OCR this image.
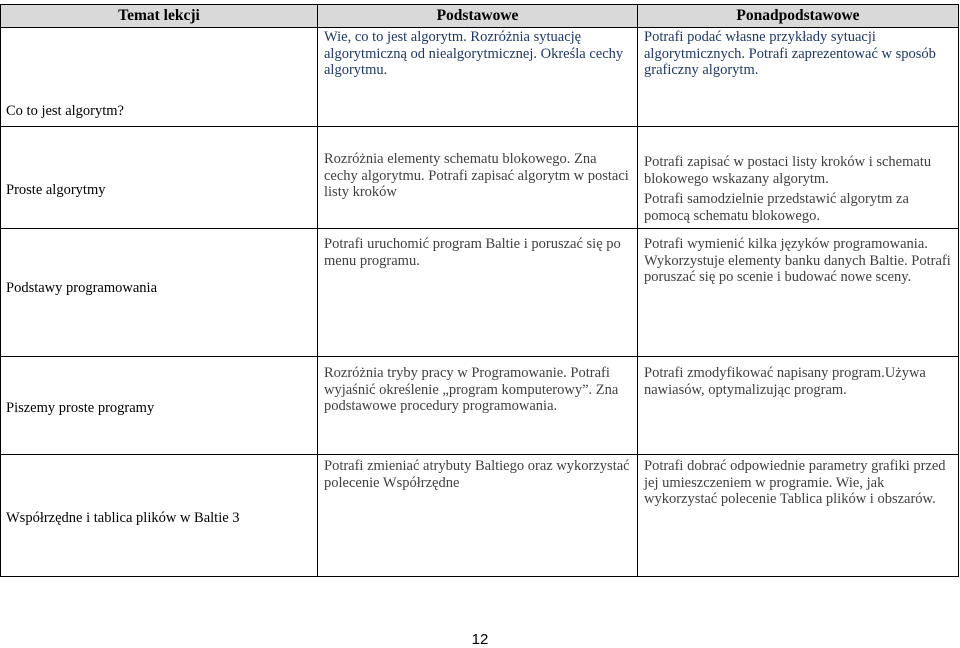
Temat lekcji	Podstawowe	Ponadpodstawowe
Co to jest algorytm?	Wie, co to jest algorytm. Rozróżnia sytuację algorytmiczną od niealgorytmicznej. Określa cechy algorytmu.	Potrafi podać własne przykłady sytuacji algorytmicznych. Potrafi zaprezentować w sposób graficzny algorytm.

Proste algorytmy	Rozróżnia elementy schematu blokowego. Zna cechy algorytmu. Potrafi zapisać algorytm w postaci listy kroków	Potrafi zapisać w postaci listy kroków i schematu blokowego wskazany algorytm.
Potrafi samodzielnie przedstawić algorytm za pomocą schematu blokowego.

Podstawy programowania	Potrafi uruchomić program Baltie i poruszać się po menu programu.	Potrafi wymienić kilka języków programowania. Wykorzystuje elementy banku danych Baltie. Potrafi poruszać się po scenie i budować nowe sceny.

Piszemy proste programy	Rozróżnia tryby pracy w Programowanie. Potrafi wyjaśnić określenie „program komputerowy”. Zna podstawowe procedury programowania.	Potrafi zmodyfikować napisany program.Używa nawiasów, optymalizując program.

Współrzędne i tablica plików w Baltie 3	Potrafi zmieniać atrybuty Baltiego oraz wykorzystać polecenie Współrzędne	Potrafi dobrać odpowiednie parametry grafiki przed jej umieszczeniem w programie. Wie, jak wykorzystać polecenie Tablica plików i obszarów.
12
